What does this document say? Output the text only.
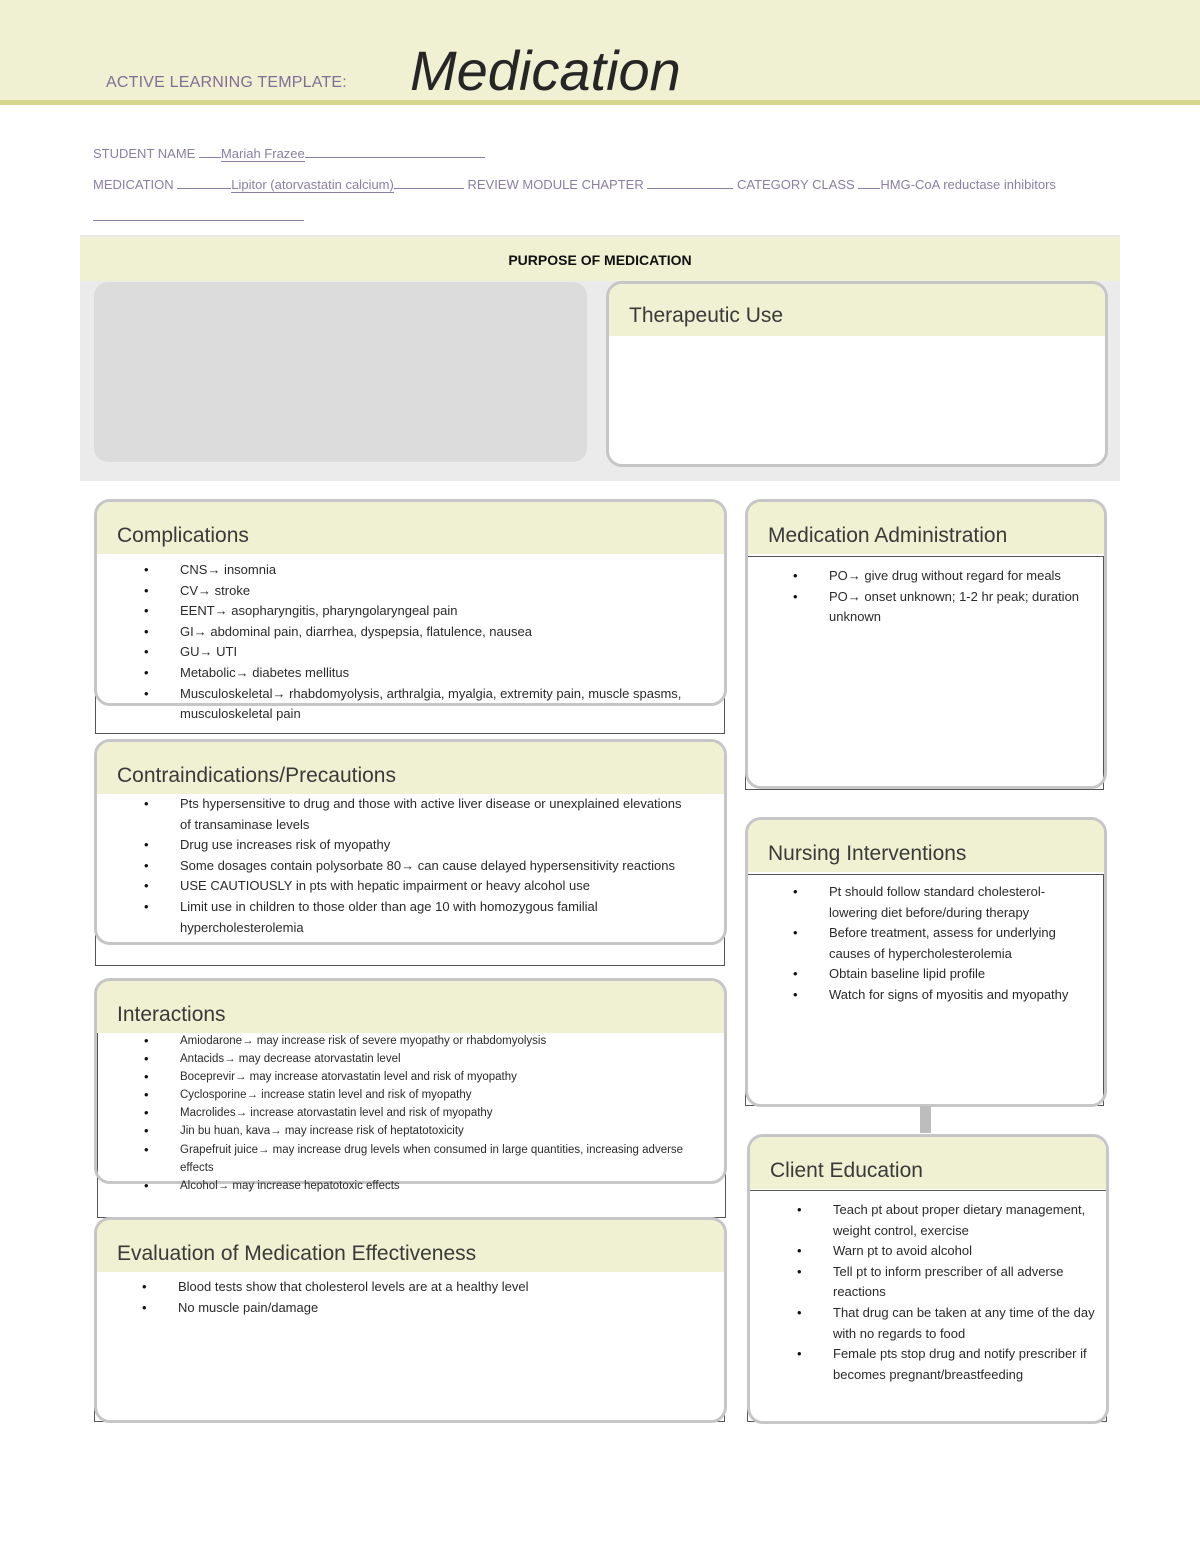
ACTIVE LEARNING TEMPLATE: Medication
STUDENT NAME Mariah Frazee
MEDICATION	Lipitor (atorvastatin calcium)	REVIEW MODULE CHAPTER	CATEGORY CLASS HMG-CoA reductase inhibitors
PURPOSE OF MEDICATION
Therapeutic Use
Complications
• CNS→ insomnia
• CV→ stroke
• EENT→ asopharyngitis, pharyngolaryngeal pain
• GI→ abdominal pain, diarrhea, dyspepsia, flatulence, nausea
• GU→ UTI
• Metabolic→ diabetes mellitus
• Musculoskeletal→ rhabdomyolysis, arthralgia, myalgia, extremity pain, muscle spasms, musculoskeletal pain
Medication Administration
• PO→ give drug without regard for meals
• PO→ onset unknown; 1-2 hr peak; duration unknown
Contraindications/Precautions
• Pts hypersensitive to drug and those with active liver disease or unexplained elevations of transaminase levels
• Drug use increases risk of myopathy
• Some dosages contain polysorbate 80→ can cause delayed hypersensitivity reactions
• USE CAUTIOUSLY in pts with hepatic impairment or heavy alcohol use
• Limit use in children to those older than age 10 with homozygous familial hypercholesterolemia
Nursing Interventions
• Pt should follow standard cholesterol-lowering diet before/during therapy
• Before treatment, assess for underlying causes of hypercholesterolemia
• Obtain baseline lipid profile
• Watch for signs of myositis and myopathy
Interactions
• Amiodarone→ may increase risk of severe myopathy or rhabdomyolysis
• Antacids→ may decrease atorvastatin level
• Boceprevir→ may increase atorvastatin level and risk of myopathy
• Cyclosporine→ increase statin level and risk of myopathy
• Macrolides→ increase atorvastatin level and risk of myopathy
• Jin bu huan, kava→ may increase risk of heptatotoxicity
• Grapefruit juice→ may increase drug levels when consumed in large quantities, increasing adverse effects
• Alcohol→ may increase hepatotoxic effects
Client Education
• Teach pt about proper dietary management, weight control, exercise
• Warn pt to avoid alcohol
• Tell pt to inform prescriber of all adverse reactions
• That drug can be taken at any time of the day with no regards to food
• Female pts stop drug and notify prescriber if becomes pregnant/breastfeeding
Evaluation of Medication Effectiveness
• Blood tests show that cholesterol levels are at a healthy level
• No muscle pain/damage
